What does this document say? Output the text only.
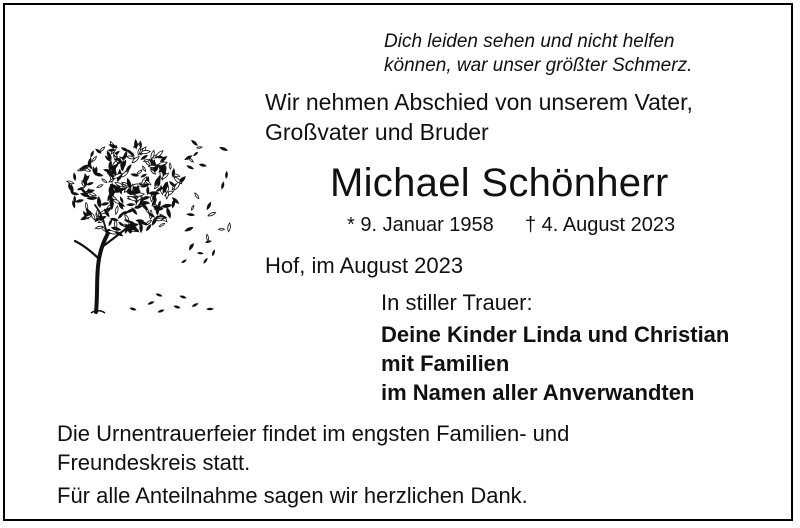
Dich leiden sehen und nicht helfen
können, war unser größter Schmerz.
Wir nehmen Abschied von unserem Vater,
Großvater und Bruder
Michael Schönherr
* 9. Januar 1958 † 4. August 2023
Hof, im August 2023
In stiller Trauer:
Deine Kinder Linda und Christian
mit Familien
im Namen aller Anverwandten
Die Urnentrauerfeier findet im engsten Familien- und
Freundeskreis statt.
Für alle Anteilnahme sagen wir herzlichen Dank.
